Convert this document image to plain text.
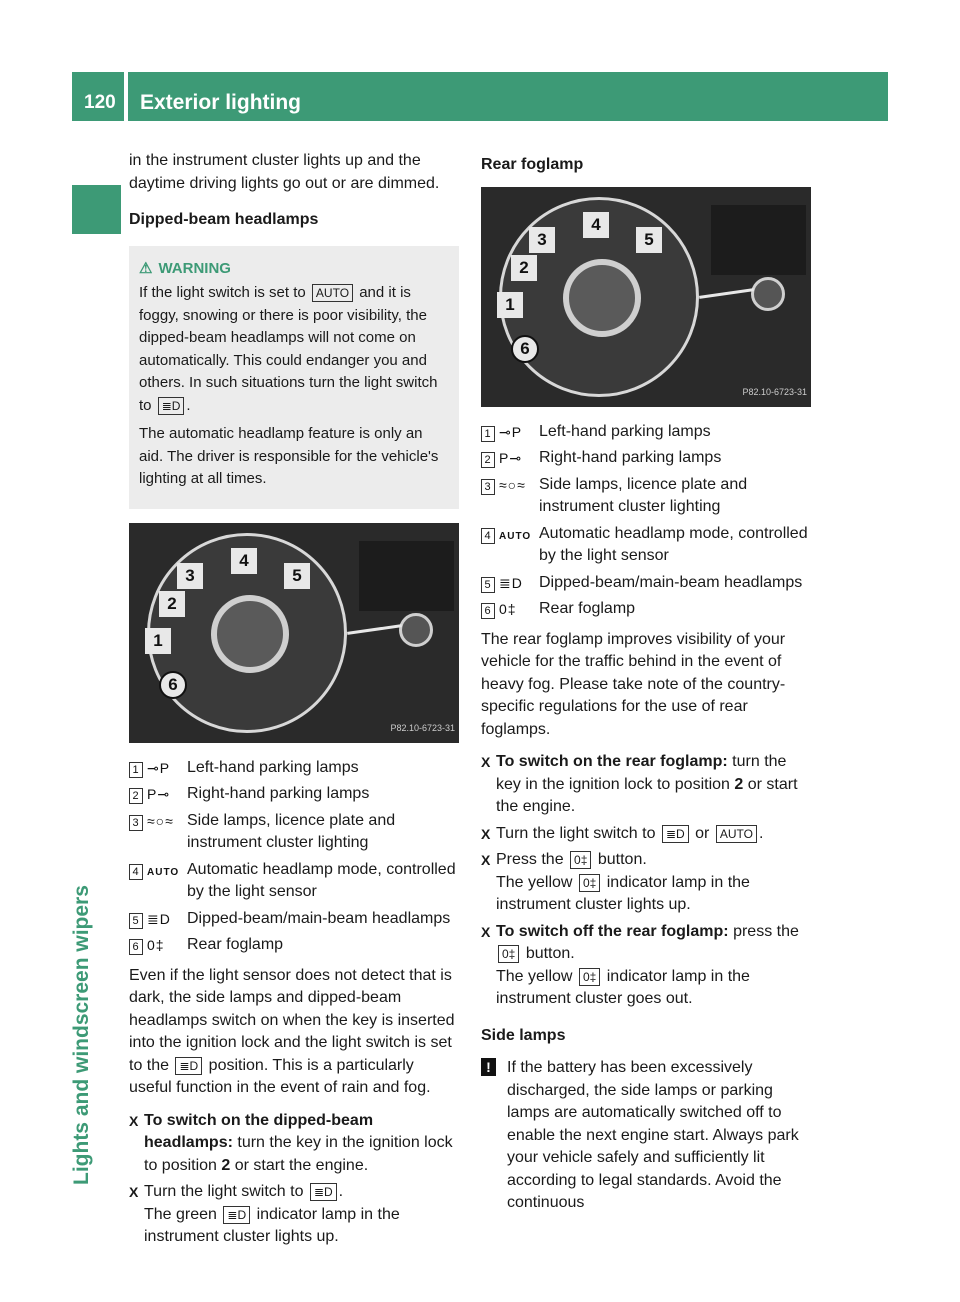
120	Exterior lighting
Lights and windscreen wipers

in the instrument cluster lights up and the daytime driving lights go out or are dimmed.

Dipped-beam headlamps
⚠ WARNING

If the light switch is set to AUTO and it is foggy, snowing or there is poor visibility, the dipped-beam headlamps will not come on automatically. This could endanger you and others. In such situations turn the light switch to ≣D .

The automatic headlamp feature is only an aid. The driver is responsible for the vehicle's lighting at all times.

1
2
3
4
5
6
P82.10-6723-31
1 ⊸P	Left-hand parking lamps
2 P⊸	Right-hand parking lamps
3 ≈○≈ Side lamps, licence plate and instrument cluster lighting
4 AUTO Automatic headlamp mode, controlled by the light sensor
5 ≣D	Dipped-beam/main-beam headlamps
6 0‡	Rear foglamp

Even if the light sensor does not detect that is dark, the side lamps and dipped-beam headlamps switch on when the key is inserted into the ignition lock and the light switch is set to the ≣D position. This is a particularly useful function in the event of rain and fog.

X To switch on the dipped-beam headlamps: turn the key in the ignition lock to position 2 or start the engine.
X Turn the light switch to ≣D .
The green ≣D indicator lamp in the instrument cluster lights up.
Rear foglamp
1
2
3
4
5
6
P82.10-6723-31
1 ⊸P	Left-hand parking lamps
2 P⊸	Right-hand parking lamps
3 ≈○≈ Side lamps, licence plate and instrument cluster lighting
4 AUTO Automatic headlamp mode, controlled by the light sensor
5 ≣D	Dipped-beam/main-beam headlamps
6 0‡	Rear foglamp

The rear foglamp improves visibility of your vehicle for the traffic behind in the event of heavy fog. Please take note of the country-specific regulations for the use of rear foglamps.

X To switch on the rear foglamp: turn the key in the ignition lock to position 2 or start the engine.
X Turn the light switch to ≣D or AUTO .
X Press the 0‡ button.
The yellow 0‡ indicator lamp in the instrument cluster lights up.
X To switch off the rear foglamp: press the
0‡ button.
The yellow 0‡ indicator lamp in the instrument cluster goes out.
Side lamps
!	If the battery has been excessively discharged, the side lamps or parking lamps are automatically switched off to enable the next engine start. Always park your vehicle safely and sufficiently lit according to legal standards. Avoid the continuous
